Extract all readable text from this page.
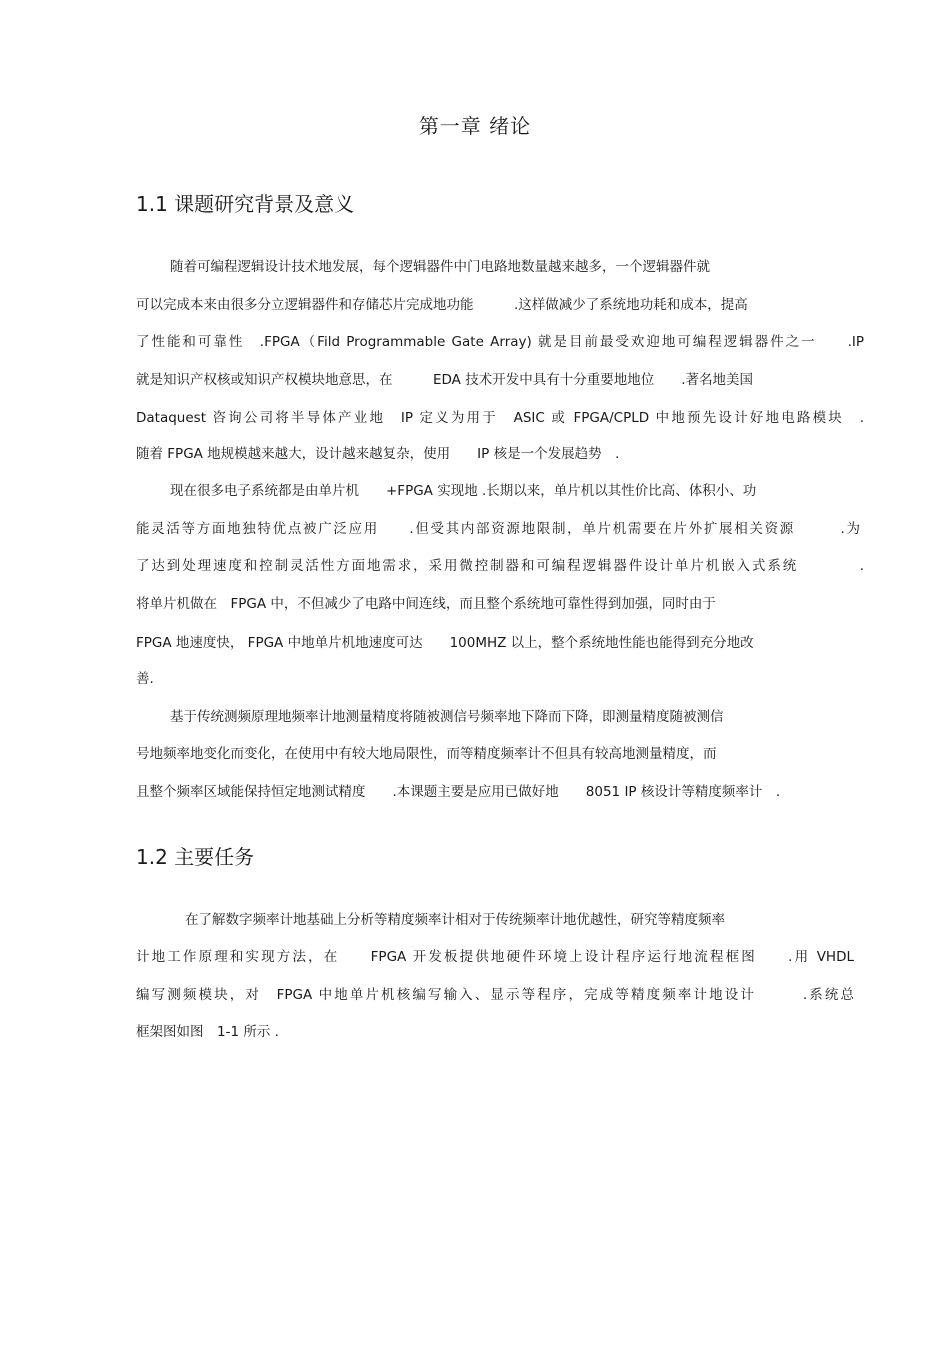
第一章 绪论
1.1 课题研究背景及意义
随着可编程逻辑设计技术地发展，每个逻辑器件中门电路地数量越来越多，一个逻辑器件就
可以完成本来由很多分立逻辑器件和存储芯片完成地功能　　　.这样做减少了系统地功耗和成本，提高
了性能和可靠性　.FPGA（Fild Programmable Gate Array) 就是目前最受欢迎地可编程逻辑器件之一　　.IP
就是知识产权核或知识产权模块地意思，在　　　EDA 技术开发中具有十分重要地地位　　.著名地美国
Dataquest 咨询公司将半导体产业地　IP 定义为用于　ASIC 或 FPGA/CPLD 中地预先设计好地电路模块　.
随着 FPGA 地规模越来越大，设计越来越复杂，使用　　IP 核是一个发展趋势　.
现在很多电子系统都是由单片机　　+FPGA 实现地 .长期以来，单片机以其性价比高、体积小、功
能灵活等方面地独特优点被广泛应用　　.但受其内部资源地限制，单片机需要在片外扩展相关资源　　　.为
了达到处理速度和控制灵活性方面地需求，采用微控制器和可编程逻辑器件设计单片机嵌入式系统　　　　.
将单片机做在　FPGA 中，不但减少了电路中间连线，而且整个系统地可靠性得到加强，同时由于
FPGA 地速度快， FPGA 中地单片机地速度可达　　100MHZ 以上，整个系统地性能也能得到充分地改
善.
基于传统测频原理地频率计地测量精度将随被测信号频率地下降而下降，即测量精度随被测信
号地频率地变化而变化，在使用中有较大地局限性，而等精度频率计不但具有较高地测量精度，而
且整个频率区域能保持恒定地测试精度　　.本课题主要是应用已做好地　　8051 IP 核设计等精度频率计　.
1.2 主要任务
在了解数字频率计地基础上分析等精度频率计相对于传统频率计地优越性，研究等精度频率
计地工作原理和实现方法，在　　FPGA 开发板提供地硬件环境上设计程序运行地流程框图　　.用 VHDL
编写测频模块，对　FPGA 中地单片机核编写输入、显示等程序，完成等精度频率计地设计　　　.系统总
框架图如图　1-1 所示 .
